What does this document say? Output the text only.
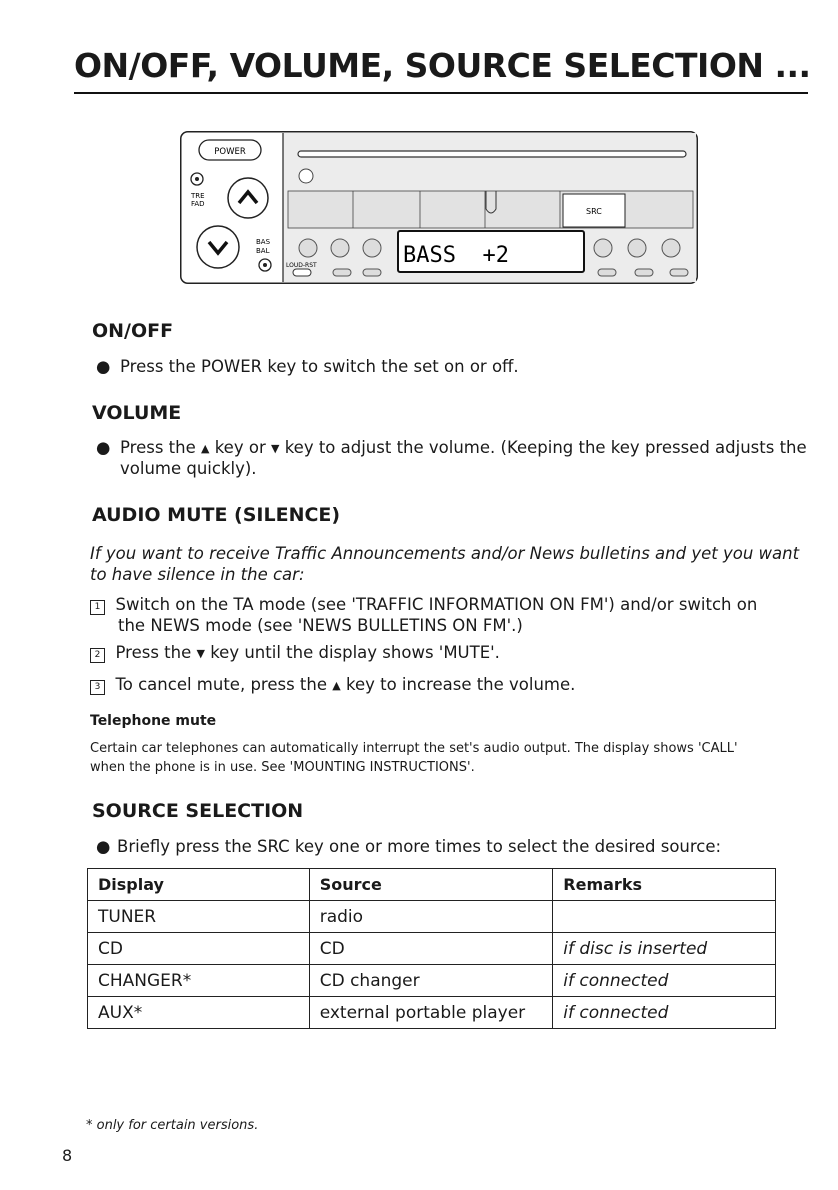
ON/OFF, VOLUME, SOURCE SELECTION ...
POWER
TRE
FAD
BAS
BAL
LOUD-RST
SRC
BASS  +2
ON/OFF
● Press the POWER key to switch the set on or off.
VOLUME
● Press the ▲ key or ▼ key to adjust the volume. (Keeping the key pressed adjusts the
volume quickly).
AUDIO MUTE (SILENCE)
If you want to receive Traffic Announcements and/or News bulletins and yet you want
to have silence in the car:
1 Switch on the TA mode (see 'TRAFFIC INFORMATION ON FM') and/or switch on
the NEWS mode (see 'NEWS BULLETINS ON FM'.)
2 Press the ▼ key until the display shows 'MUTE'.
3 To cancel mute, press the ▲ key to increase the volume.
Telephone mute
Certain car telephones can automatically interrupt the set's audio output. The display shows 'CALL'
when the phone is in use. See 'MOUNTING INSTRUCTIONS'.
SOURCE SELECTION
● Briefly press the SRC key one or more times to select the desired source:
Display	Source	Remarks
TUNER	radio	
CD	CD	if disc is inserted
CHANGER*	CD changer	if connected
AUX*	external portable player	if connected
* only for certain versions.
8
